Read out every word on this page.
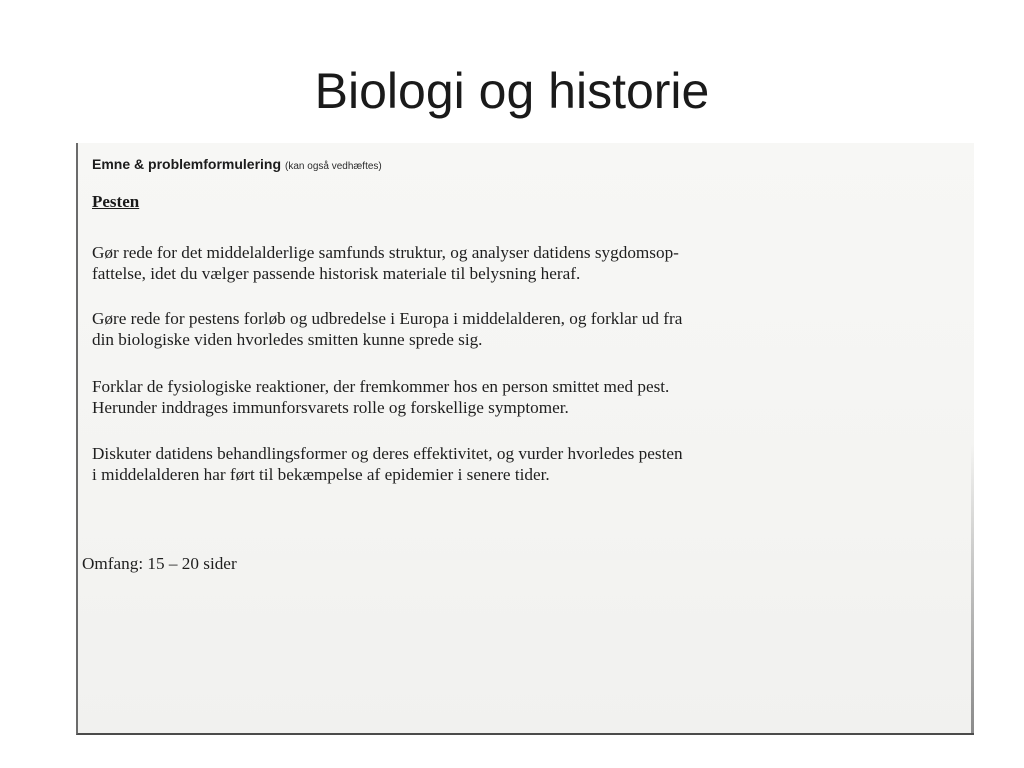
Biologi og historie
Emne & problemformulering (kan også vedhæftes)
Pesten

Gør rede for det middelalderlige samfunds struktur, og analyser datidens sygdomsop-
fattelse, idet du vælger passende historisk materiale til belysning heraf.

Gøre rede for pestens forløb og udbredelse i Europa i middelalderen, og forklar ud fra
din biologiske viden hvorledes smitten kunne sprede sig.

Forklar de fysiologiske reaktioner, der fremkommer hos en person smittet med pest.
Herunder inddrages immunforsvarets rolle og forskellige symptomer.

Diskuter datidens behandlingsformer og deres effektivitet, og vurder hvorledes pesten
i middelalderen har ført til bekæmpelse af epidemier i senere tider.

Omfang: 15 – 20 sider
